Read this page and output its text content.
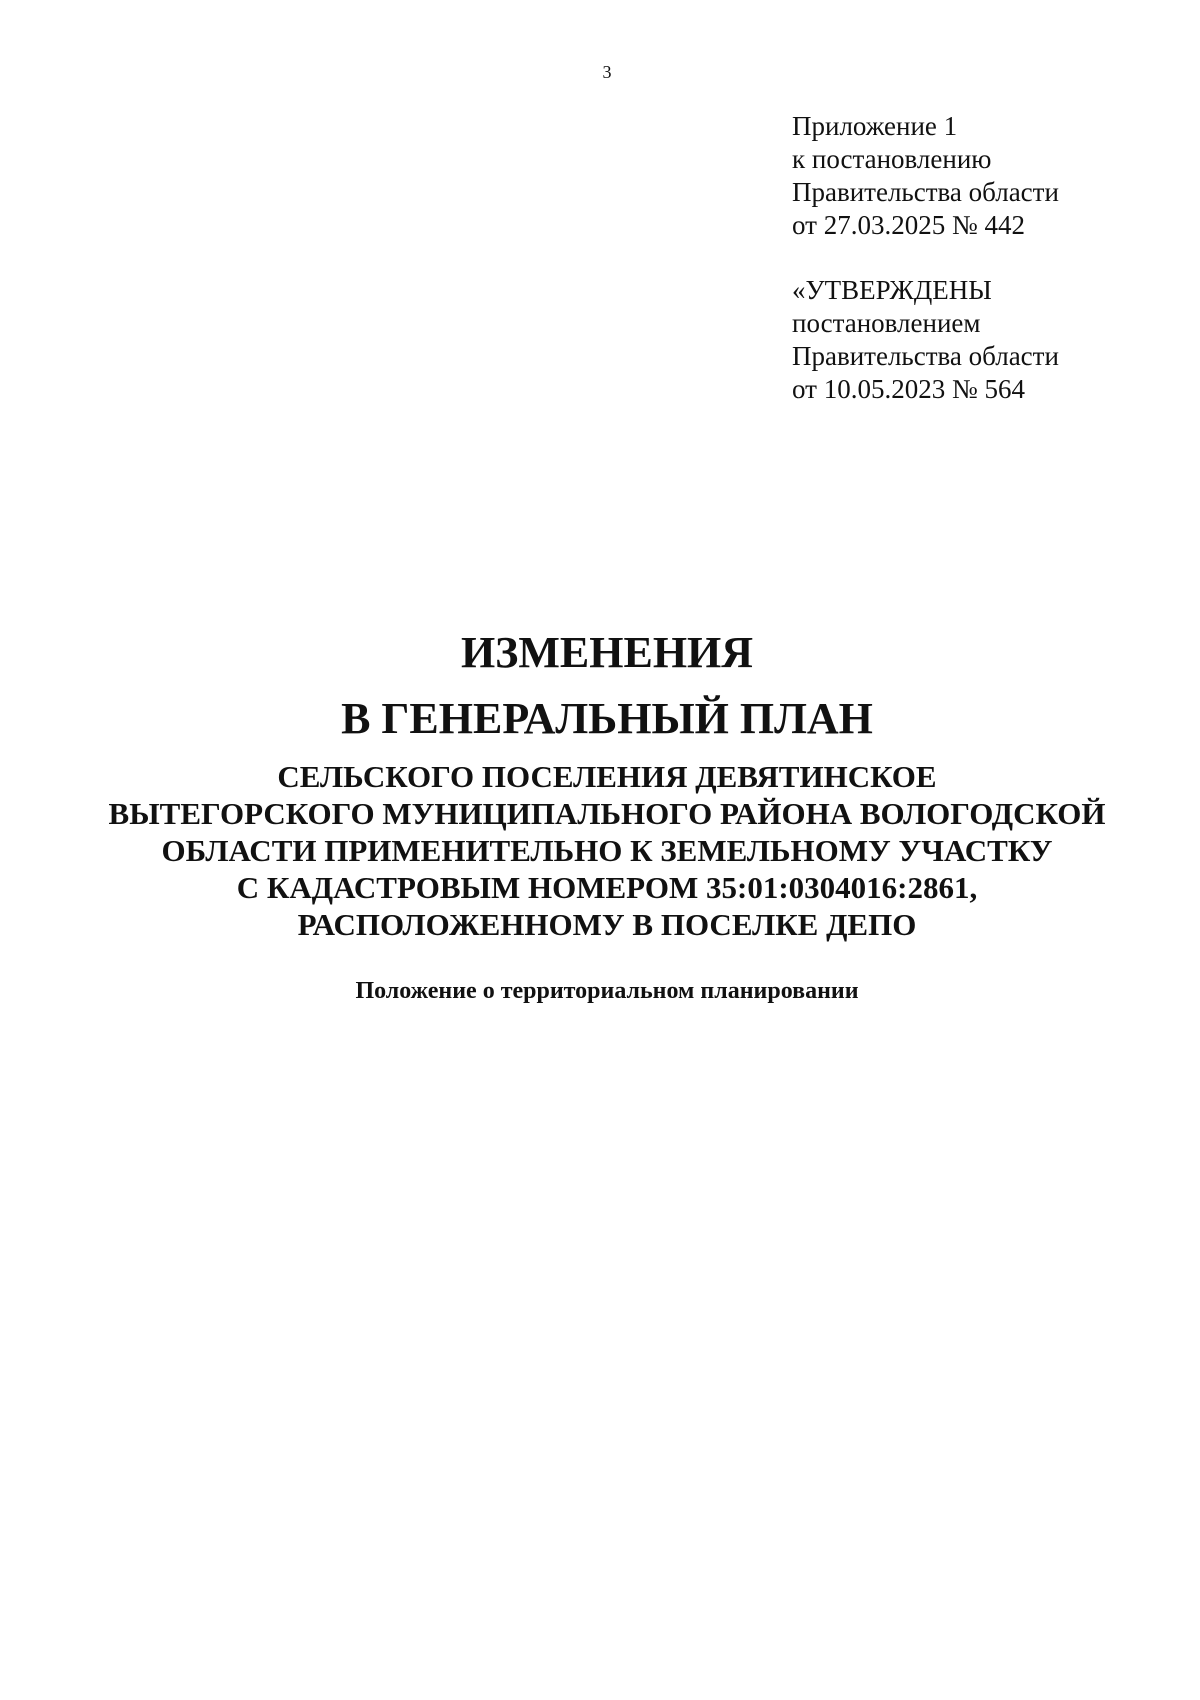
3
Приложение 1
к постановлению
Правительства области
от 27.03.2025 № 442
«УТВЕРЖДЕНЫ
постановлением
Правительства области
от 10.05.2023 № 564
ИЗМЕНЕНИЯ
В ГЕНЕРАЛЬНЫЙ ПЛАН
СЕЛЬСКОГО ПОСЕЛЕНИЯ ДЕВЯТИНСКОЕ
ВЫТЕГОРСКОГО МУНИЦИПАЛЬНОГО РАЙОНА ВОЛОГОДСКОЙ
ОБЛАСТИ ПРИМЕНИТЕЛЬНО К ЗЕМЕЛЬНОМУ УЧАСТКУ
С КАДАСТРОВЫМ НОМЕРОМ 35:01:0304016:2861,
РАСПОЛОЖЕННОМУ В ПОСЕЛКЕ ДЕПО
Положение о территориальном планировании
